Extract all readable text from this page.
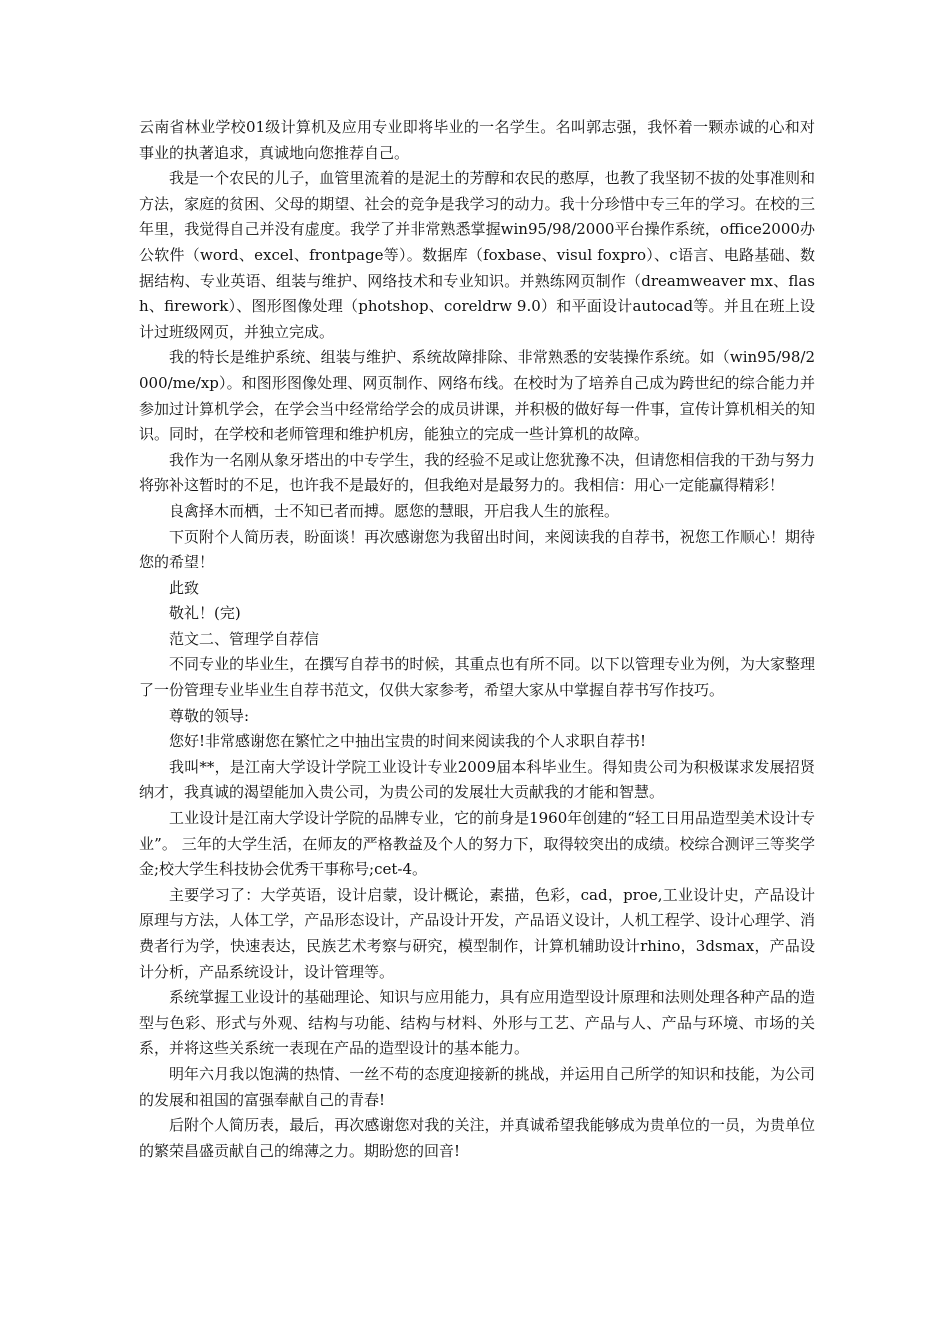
云南省林业学校01级计算机及应用专业即将毕业的一名学生。名叫郭志强，我怀着一颗赤诚的心和对事业的执著追求，真诚地向您推荐自己。

我是一个农民的儿子，血管里流着的是泥土的芳醇和农民的憨厚，也教了我坚韧不拔的处事准则和方法，家庭的贫困、父母的期望、社会的竞争是我学习的动力。我十分珍惜中专三年的学习。在校的三年里，我觉得自己并没有虚度。我学了并非常熟悉掌握win95/98/2000平台操作系统，office2000办公软件（word、excel、frontpage等）。数据库（foxbase、visul foxpro）、c语言、电路基础、数据结构、专业英语、组装与维护、网络技术和专业知识。并熟练网页制作（dreamweaver mx、flash、firework）、图形图像处理（photshop、coreldrw 9.0）和平面设计autocad等。并且在班上设计过班级网页，并独立完成。

我的特长是维护系统、组装与维护、系统故障排除、非常熟悉的安装操作系统。如（win95/98/2000/me/xp）。和图形图像处理、网页制作、网络布线。在校时为了培养自己成为跨世纪的综合能力并参加过计算机学会，在学会当中经常给学会的成员讲课，并积极的做好每一件事，宣传计算机相关的知识。同时，在学校和老师管理和维护机房，能独立的完成一些计算机的故障。

我作为一名刚从象牙塔出的中专学生，我的经验不足或让您犹豫不决，但请您相信我的干劲与努力将弥补这暂时的不足，也许我不是最好的，但我绝对是最努力的。我相信：用心一定能赢得精彩！

良禽择木而栖，士不知已者而搏。愿您的慧眼，开启我人生的旅程。

下页附个人简历表，盼面谈！再次感谢您为我留出时间，来阅读我的自荐书，祝您工作顺心！期待您的希望！

此致

敬礼！(完)

范文二、管理学自荐信

不同专业的毕业生，在撰写自荐书的时候，其重点也有所不同。以下以管理专业为例，为大家整理了一份管理专业毕业生自荐书范文，仅供大家参考，希望大家从中掌握自荐书写作技巧。

尊敬的领导:

您好!非常感谢您在繁忙之中抽出宝贵的时间来阅读我的个人求职自荐书!

我叫**，是江南大学设计学院工业设计专业2009届本科毕业生。得知贵公司为积极谋求发展招贤纳才，我真诚的渴望能加入贵公司，为贵公司的发展壮大贡献我的才能和智慧。

工业设计是江南大学设计学院的品牌专业，它的前身是1960年创建的“轻工日用品造型美术设计专业”。 三年的大学生活，在师友的严格教益及个人的努力下，取得较突出的成绩。校综合测评三等奖学金;校大学生科技协会优秀干事称号;cet-4。

主要学习了：大学英语，设计启蒙，设计概论，素描，色彩，cad，proe,工业设计史，产品设计原理与方法，人体工学，产品形态设计，产品设计开发，产品语义设计，人机工程学、设计心理学、消费者行为学，快速表达，民族艺术考察与研究，模型制作，计算机辅助设计rhino，3dsmax，产品设计分析，产品系统设计，设计管理等。

系统掌握工业设计的基础理论、知识与应用能力，具有应用造型设计原理和法则处理各种产品的造型与色彩、形式与外观、结构与功能、结构与材料、外形与工艺、产品与人、产品与环境、市场的关系，并将这些关系统一表现在产品的造型设计的基本能力。

明年六月我以饱满的热情、一丝不苟的态度迎接新的挑战，并运用自己所学的知识和技能，为公司的发展和祖国的富强奉献自己的青春!

后附个人简历表，最后，再次感谢您对我的关注，并真诚希望我能够成为贵单位的一员，为贵单位的繁荣昌盛贡献自己的绵薄之力。期盼您的回音!
